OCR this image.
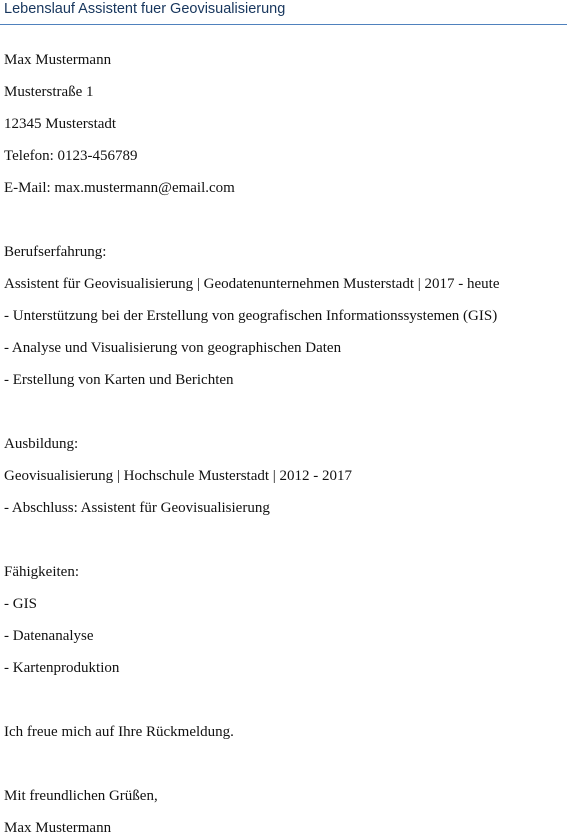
Lebenslauf Assistent fuer Geovisualisierung
Max Mustermann
Musterstraße 1
12345 Musterstadt
Telefon: 0123-456789
E-Mail: max.mustermann@email.com
Berufserfahrung:
Assistent für Geovisualisierung | Geodatenunternehmen Musterstadt | 2017 - heute
- Unterstützung bei der Erstellung von geografischen Informationssystemen (GIS)
- Analyse und Visualisierung von geographischen Daten
- Erstellung von Karten und Berichten
Ausbildung:
Geovisualisierung | Hochschule Musterstadt | 2012 - 2017
- Abschluss: Assistent für Geovisualisierung
Fähigkeiten:
- GIS
- Datenanalyse
- Kartenproduktion
Ich freue mich auf Ihre Rückmeldung.
Mit freundlichen Grüßen,
Max Mustermann
